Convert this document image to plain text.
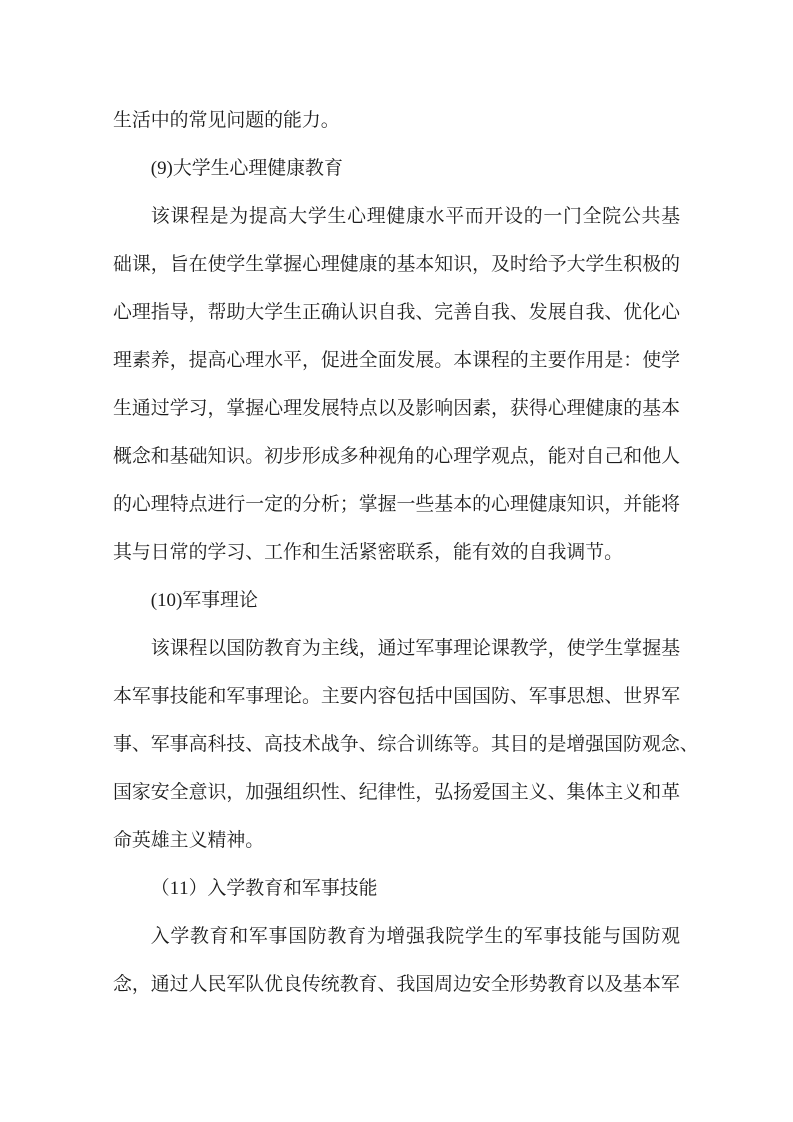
生活中的常见问题的能力。
(9)大学生心理健康教育
该课程是为提高大学生心理健康水平而开设的一门全院公共基
础课，旨在使学生掌握心理健康的基本知识，及时给予大学生积极的
心理指导，帮助大学生正确认识自我、完善自我、发展自我、优化心
理素养，提高心理水平，促进全面发展。本课程的主要作用是：使学
生通过学习，掌握心理发展特点以及影响因素，获得心理健康的基本
概念和基础知识。初步形成多种视角的心理学观点，能对自己和他人
的心理特点进行一定的分析；掌握一些基本的心理健康知识，并能将
其与日常的学习、工作和生活紧密联系，能有效的自我调节。
(10)军事理论
该课程以国防教育为主线，通过军事理论课教学，使学生掌握基
本军事技能和军事理论。主要内容包括中国国防、军事思想、世界军
事、军事高科技、高技术战争、综合训练等。其目的是增强国防观念、
国家安全意识，加强组织性、纪律性，弘扬爱国主义、集体主义和革
命英雄主义精神。
（11）入学教育和军事技能
入学教育和军事国防教育为增强我院学生的军事技能与国防观
念，通过人民军队优良传统教育、我国周边安全形势教育以及基本军
